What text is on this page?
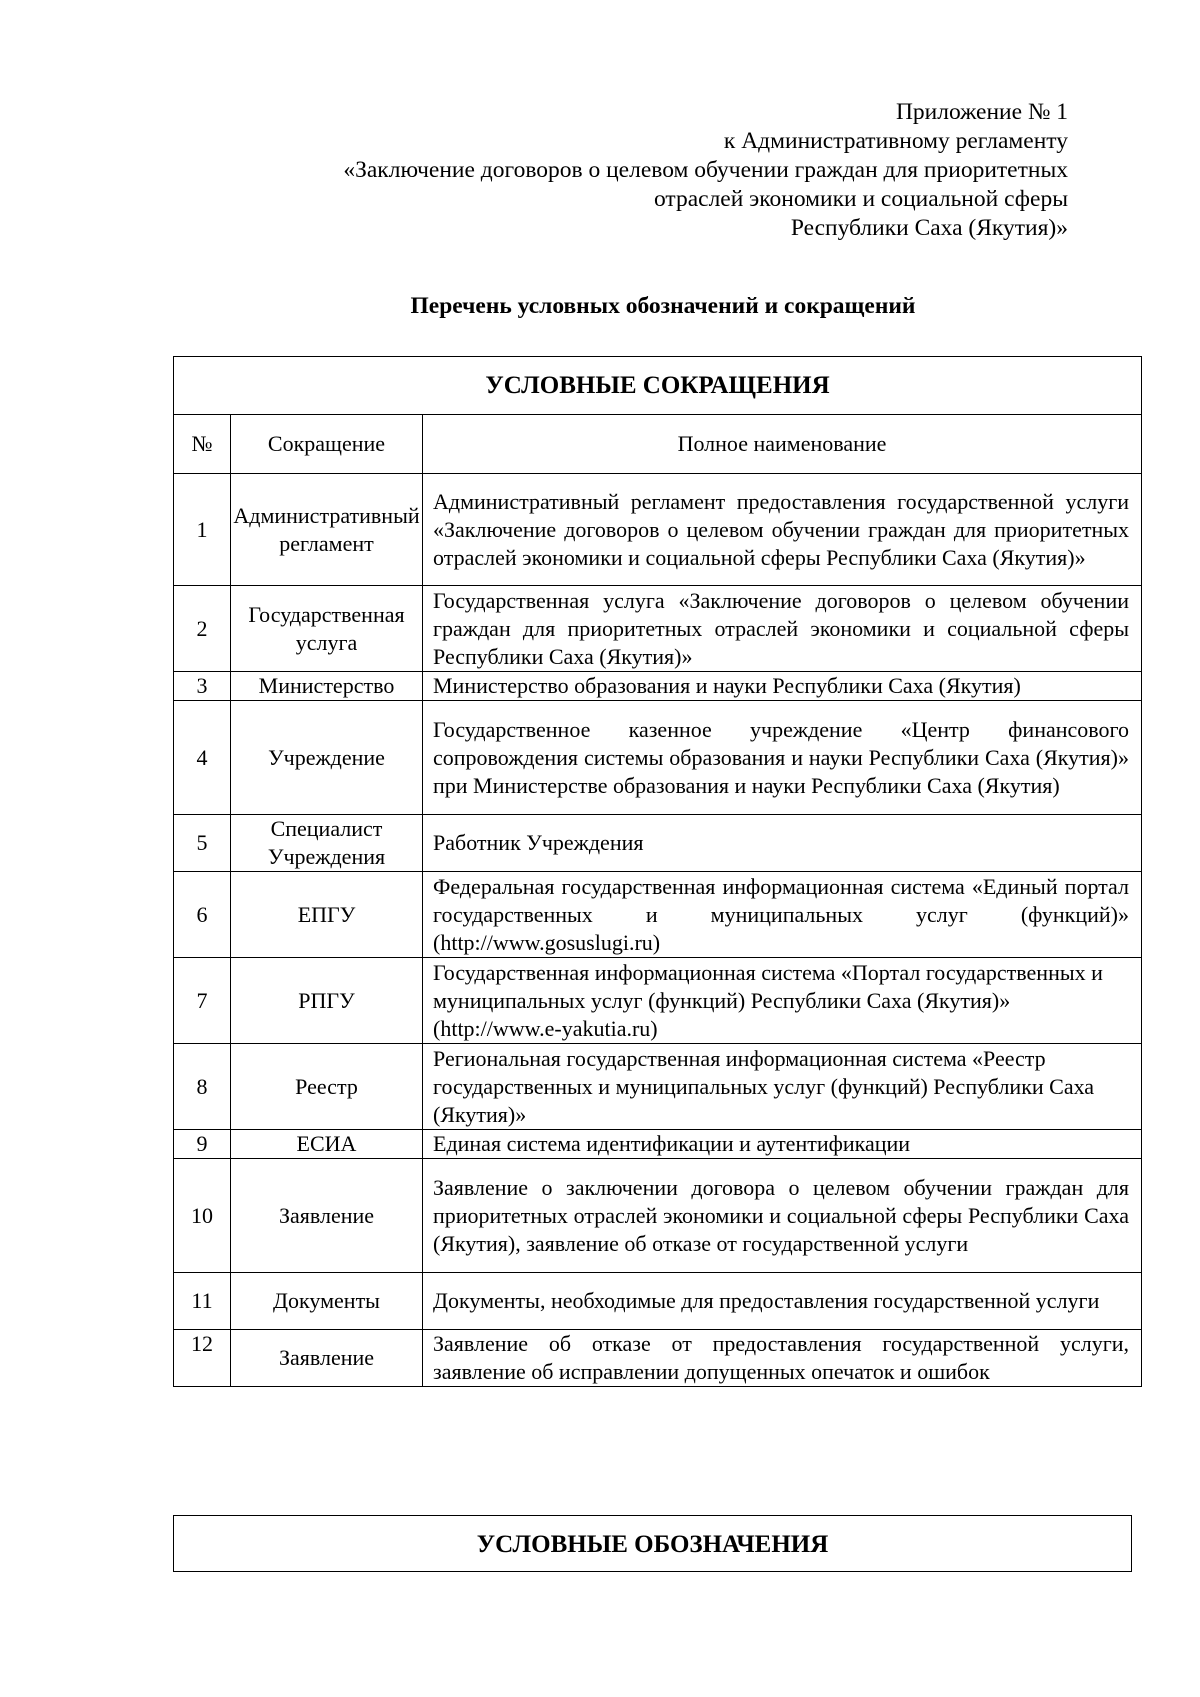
Приложение № 1
к Административному регламенту
«Заключение договоров о целевом обучении граждан для приоритетных
отраслей экономики и социальной сферы
Республики Саха (Якутия)»
Перечень условных обозначений и сокращений
УСЛОВНЫЕ СОКРАЩЕНИЯ		
№	Сокращение	Полное наименование
1	Административный регламент	Административный регламент предоставления государственной услуги «Заключение договоров о целевом обучении граждан для приоритетных отраслей экономики и социальной сферы Республики Саха (Якутия)»
2	Государственная услуга	Государственная услуга «Заключение договоров о целевом обучении граждан для приоритетных отраслей экономики и социальной сферы Республики Саха (Якутия)»
3	Министерство	Министерство образования и науки Республики Саха (Якутия)
4	Учреждение	Государственное казенное учреждение «Центр финансового сопровождения системы образования и науки Республики Саха (Якутия)» при Министерстве образования и науки Республики Саха (Якутия)
5	Специалист Учреждения	Работник Учреждения
6	ЕПГУ	Федеральная государственная информационная система «Единый портал государственных и муниципальных услуг (функций)» (http://www.gosuslugi.ru)
7	РПГУ	Государственная информационная система «Портал государственных и муниципальных услуг (функций) Республики Саха (Якутия)» (http://www.e-yakutia.ru)
8	Реестр	Региональная государственная информационная система «Реестр государственных и муниципальных услуг (функций) Республики Саха (Якутия)»
9	ЕСИА	Единая система идентификации и аутентификации
10	Заявление	Заявление о заключении договора о целевом обучении граждан для приоритетных отраслей экономики и социальной сферы Республики Саха (Якутия), заявление об отказе от государственной услуги
11	Документы	Документы, необходимые для предоставления государственной услуги
12	Заявление	Заявление об отказе от предоставления государственной услуги, заявление об исправлении допущенных опечаток и ошибок
УСЛОВНЫЕ ОБОЗНАЧЕНИЯ
